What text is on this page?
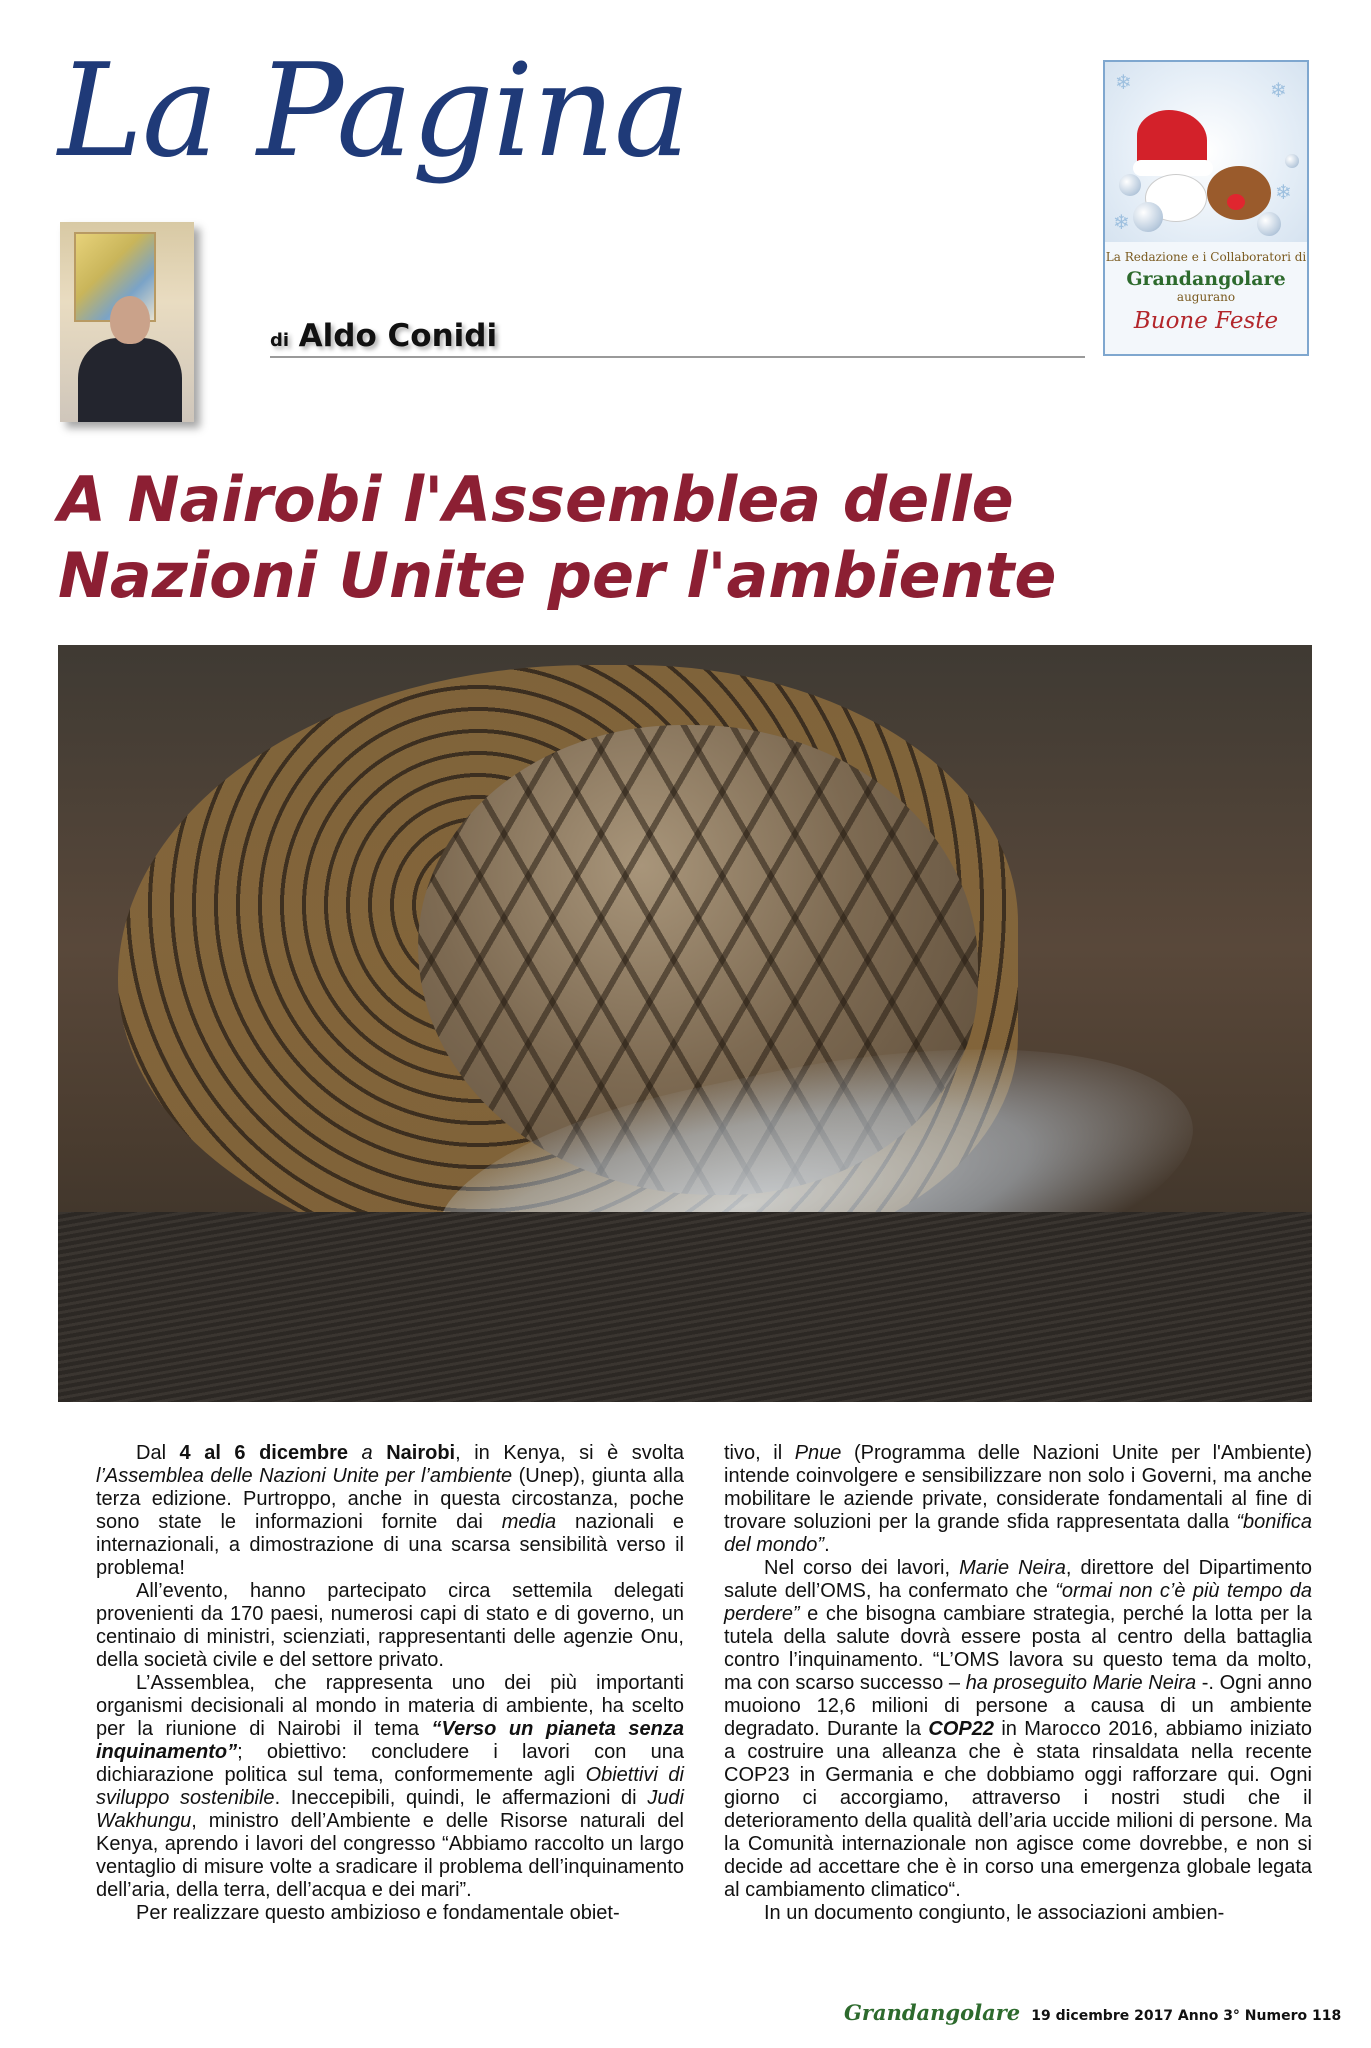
La Pagina
di Aldo Conidi
❄	❄
❄
❄
La Redazione e i Collaboratori di
Grandangolare
augurano
Buone Feste
A Nairobi l'Assemblea delle
Nazioni Unite per l'ambiente

Dal 4 al 6 dicembre a Nairobi, in Kenya, si è svolta l’Assemblea delle Nazioni Unite per l’ambiente (Unep), giunta alla terza edizione. Purtroppo, anche in questa circostanza, poche sono state le informazioni fornite dai media nazionali e internazionali, a dimostrazione di una scarsa sensibilità verso il problema!

All’evento, hanno partecipato circa settemila delegati provenienti da 170 paesi, numerosi capi di stato e di governo, un centinaio di ministri, scienziati, rappresentanti delle agenzie Onu, della società civile e del settore privato.

L’Assemblea, che rappresenta uno dei più importanti organismi decisionali al mondo in materia di ambiente, ha scelto per la riunione di Nairobi il tema “Verso un pianeta senza inquinamento”; obiettivo: concludere i lavori con una dichiarazione politica sul tema, conformemente agli Obiettivi di sviluppo sostenibile. Ineccepibili, quindi, le affermazioni di Judi Wakhungu, ministro dell’Ambiente e delle Risorse naturali del Kenya, aprendo i lavori del congresso “Abbiamo raccolto un largo ventaglio di misure volte a sradicare il problema dell’inquinamento dell’aria, della terra, dell’acqua e dei mari”.

Per realizzare questo ambizioso e fondamentale obiet-

tivo, il Pnue (Programma delle Nazioni Unite per l'Ambiente) intende coinvolgere e sensibilizzare non solo i Governi, ma anche mobilitare le aziende private, considerate fondamentali al fine di trovare soluzioni per la grande sfida rappresentata dalla “bonifica del mondo”.

Nel corso dei lavori, Marie Neira, direttore del Dipartimento salute dell’OMS, ha confermato che “ormai non c’è più tempo da perdere” e che bisogna cambiare strategia, perché la lotta per la tutela della salute dovrà essere posta al centro della battaglia contro l’inquinamento. “L’OMS lavora su questo tema da molto, ma con scarso successo – ha proseguito Marie Neira -. Ogni anno muoiono 12,6 milioni di persone a causa di un ambiente degradato. Durante la COP22 in Marocco 2016, abbiamo iniziato a costruire una alleanza che è stata rinsaldata nella recente COP23 in Germania e che dobbiamo oggi rafforzare qui. Ogni giorno ci accorgiamo, attraverso i nostri studi che il deterioramento della qualità dell’aria uccide milioni di persone. Ma la Comunità internazionale non agisce come dovrebbe, e non si decide ad accettare che è in corso una emergenza globale legata al cambiamento climatico“.

In un documento congiunto, le associazioni ambien-

Grandangolare 19 dicembre 2017 Anno 3° Numero 118
